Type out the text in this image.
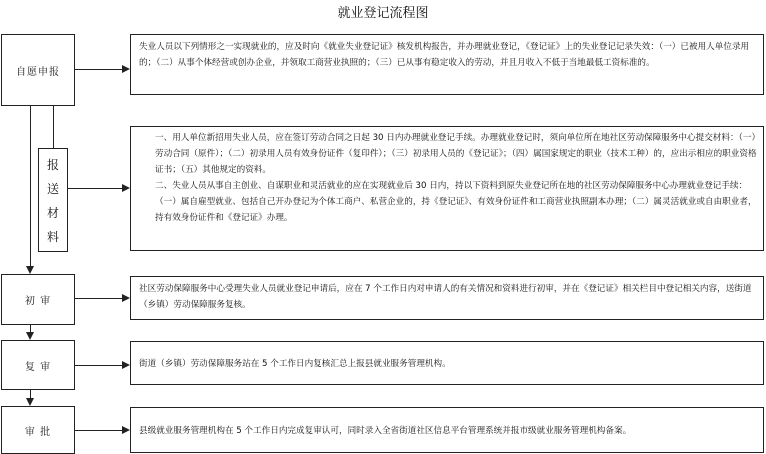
就业登记流程图
自愿申报
失业人员以下列情形之一实现就业的，应及时向《就业失业登记证》核发机构报告，并办理就业登记，《登记证》上的失业登记记录失效：（一）已被用人单位录用的；（二）从事个体经营或创办企业，并领取工商营业执照的；（三）已从事有稳定收入的劳动，并且月收入不低于当地最低工资标准的。
报
送
材
料
一、用人单位新招用失业人员，应在签订劳动合同之日起 30 日内办理就业登记手续。办理就业登记时，须向单位所在地社区劳动保障服务中心提交材料：（一）劳动合同（原件）；（二）初录用人员有效身份证件（复印件）；（三）初录用人员的《登记证》；（四）属国家规定的职业（技术工种）的，应出示相应的职业资格证书；（五）其他规定的资料。
二、失业人员从事自主创业、自谋职业和灵活就业的应在实现就业后 30 日内，持以下资料到原失业登记所在地的社区劳动保障服务中心办理就业登记手续：（一）属自雇型就业、包括自己开办登记为个体工商户、私营企业的，持《登记证》、有效身份证件和工商营业执照副本办理；（二）属灵活就业或自由职业者，持有效身份证件和《登记证》办理。
初 审
社区劳动保障服务中心受理失业人员就业登记申请后，应在 7 个工作日内对申请人的有关情况和资料进行初审，并在《登记证》相关栏目中登记相关内容，送街道（乡镇）劳动保障服务复核。
复 审	街道（乡镇）劳动保障服务站在 5 个工作日内复核汇总上报县就业服务管理机构。
审 批	县级就业服务管理机构在 5 个工作日内完成复审认可，同时录入全省街道社区信息平台管理系统并报市级就业服务管理机构备案。
